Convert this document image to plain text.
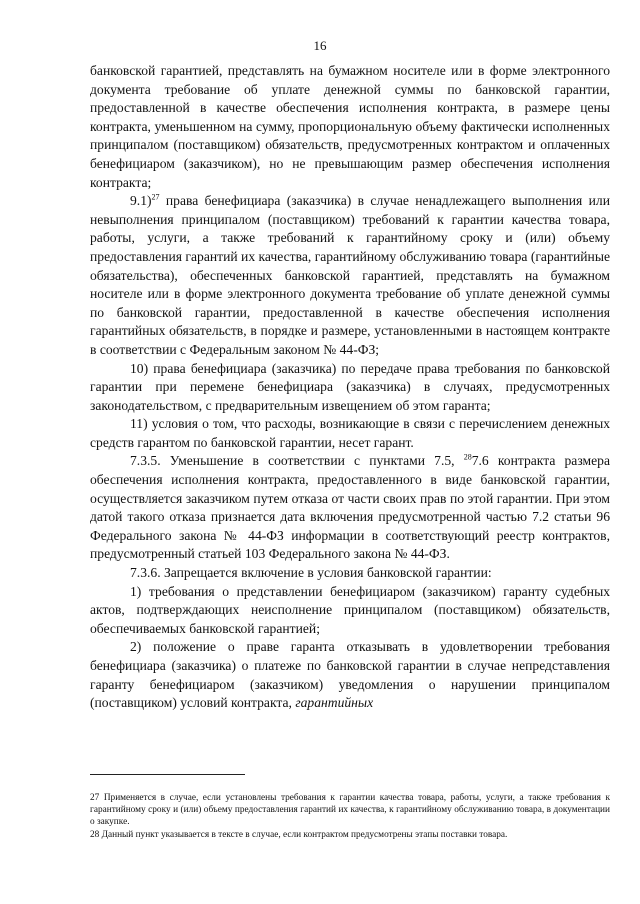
16

банковской гарантией, представлять на бумажном носителе или в форме электронного документа требование об уплате денежной суммы по банковской гарантии, предоставленной в качестве обеспечения исполнения контракта, в размере цены контракта, уменьшенном на сумму, пропорциональную объему фактически исполненных принципалом (поставщиком) обязательств, предусмотренных контрактом и оплаченных бенефициаром (заказчиком), но не превышающим размер обеспечения исполнения контракта;

9.1)$^{27}$ права бенефициара (заказчика) в случае ненадлежащего выполнения или невыполнения принципалом (поставщиком) требований к гарантии качества товара, работы, услуги, а также требований к гарантийному сроку и (или) объему предоставления гарантий их качества, гарантийному обслуживанию товара (гарантийные обязательства), обеспеченных банковской гарантией, представлять на бумажном носителе или в форме электронного документа требование об уплате денежной суммы по банковской гарантии, предоставленной в качестве обеспечения исполнения гарантийных обязательств, в порядке и размере, установленными в настоящем контракте в соответствии с Федеральным законом № 44-ФЗ;

10) права бенефициара (заказчика) по передаче права требования по банковской гарантии при перемене бенефициара (заказчика) в случаях, предусмотренных законодательством, с предварительным извещением об этом гаранта;

11) условия о том, что расходы, возникающие в связи с перечислением денежных средств гарантом по банковской гарантии, несет гарант.

7.3.5. Уменьшение в соответствии с пунктами 7.5, $^{28}$7.6 контракта размера обеспечения исполнения контракта, предоставленного в виде банковской гарантии, осуществляется заказчиком путем отказа от части своих прав по этой гарантии. При этом датой такого отказа признается дата включения предусмотренной частью 7.2 статьи 96 Федерального закона № 44-ФЗ информации в соответствующий реестр контрактов, предусмотренный статьей 103 Федерального закона № 44-ФЗ.

7.3.6. Запрещается включение в условия банковской гарантии:

1) требования о представлении бенефициаром (заказчиком) гаранту судебных актов, подтверждающих неисполнение принципалом (поставщиком) обязательств, обеспечиваемых банковской гарантией;

2) положение о праве гаранта отказывать в удовлетворении требования бенефициара (заказчика) о платеже по банковской гарантии в случае непредставления гаранту бенефициаром (заказчиком) уведомления о нарушении принципалом (поставщиком) условий контракта, гарантийных

27 Применяется в случае, если установлены требования к гарантии качества товара, работы, услуги, а также требования к гарантийному сроку и (или) объему предоставления гарантий их качества, к гарантийному обслуживанию товара, в документации о закупке.

28 Данный пункт указывается в тексте в случае, если контрактом предусмотрены этапы поставки товара.
